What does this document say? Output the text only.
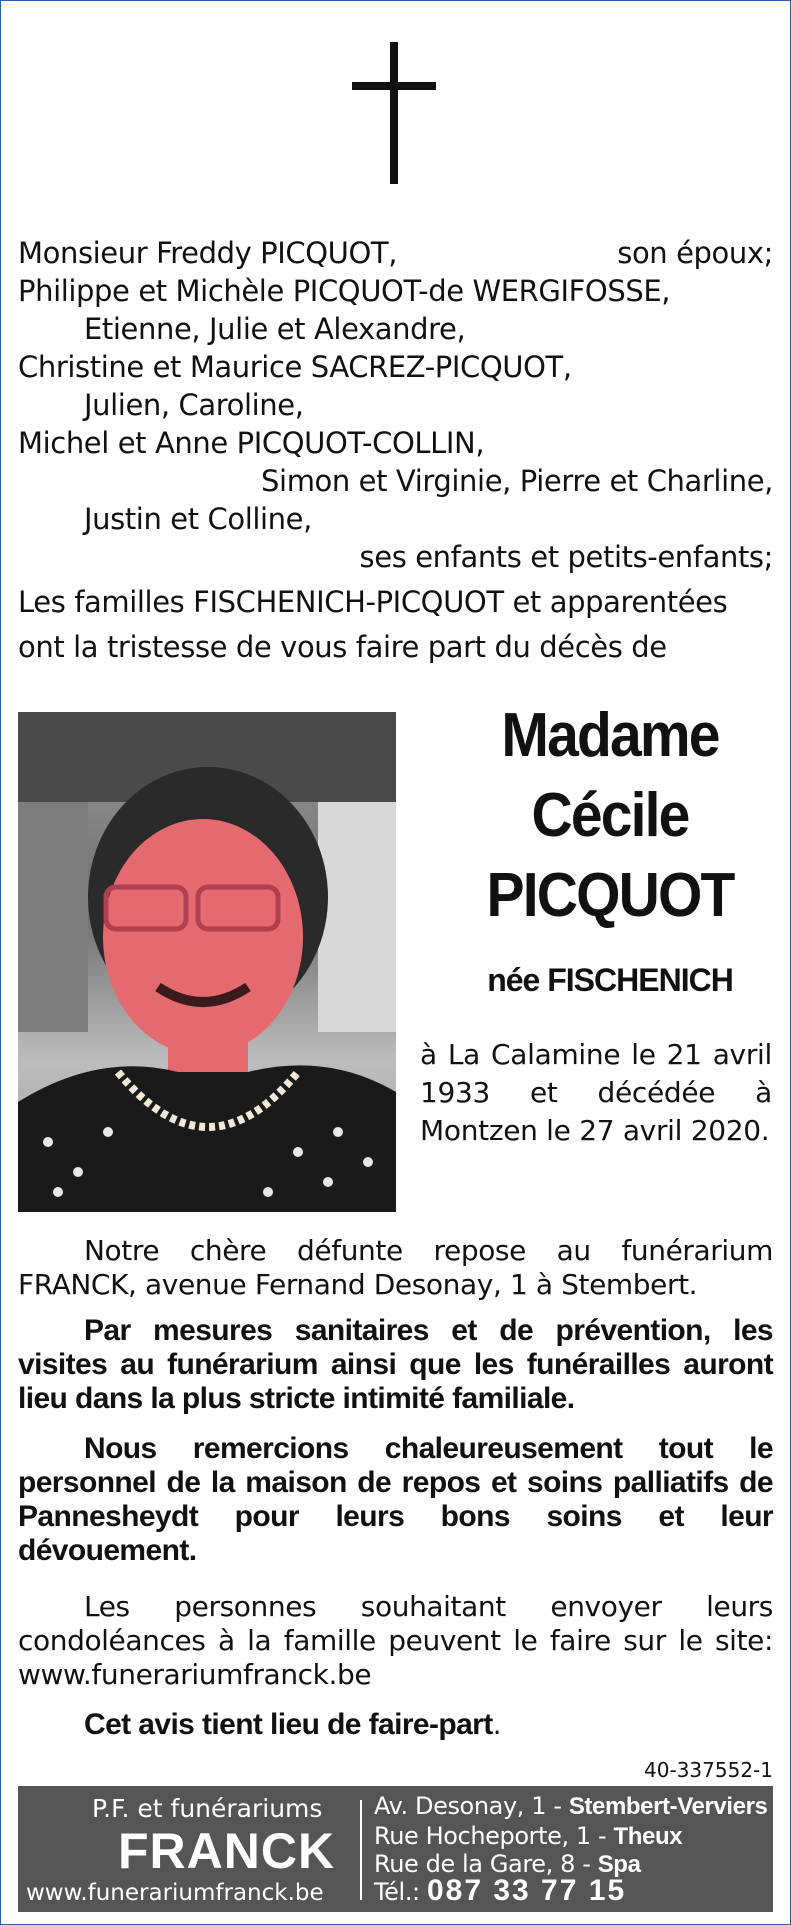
Monsieur Freddy PICQUOT,	son époux;
Philippe et Michèle PICQUOT-de WERGIFOSSE,
Etienne, Julie et Alexandre,
Christine et Maurice SACREZ-PICQUOT,
Julien, Caroline,
Michel et Anne PICQUOT-COLLIN,
Simon et Virginie, Pierre et Charline,
Justin et Colline,
ses enfants et petits-enfants;
Les familles FISCHENICH-PICQUOT et apparentées
ont la tristesse de vous faire part du décès de
Madame
Cécile
PICQUOT
née FISCHENICH
à La Calamine le 21 avril 1933 et décédée à Montzen le 27 avril 2020.
Notre chère défunte repose au funérarium FRANCK, avenue Fernand Desonay, 1 à Stembert.
Par mesures sanitaires et de prévention, les visites au funérarium ainsi que les funérailles auront lieu dans la plus stricte intimité familiale.
Nous remercions chaleureusement tout le personnel de la maison de repos et soins palliatifs de Pannesheydt pour leurs bons soins et leur dévouement.
Les personnes souhaitant envoyer leurs condoléances à la famille peuvent le faire sur le site: www.funerariumfranck.be
Cet avis tient lieu de faire-part.
40-337552-1
P.F. et funérariums
FRANCK
www.funerariumfranck.be
Av. Desonay, 1 - Stembert-Verviers
Rue Hocheporte, 1 - Theux
Rue de la Gare, 8 - Spa
Tél.: 087 33 77 15
